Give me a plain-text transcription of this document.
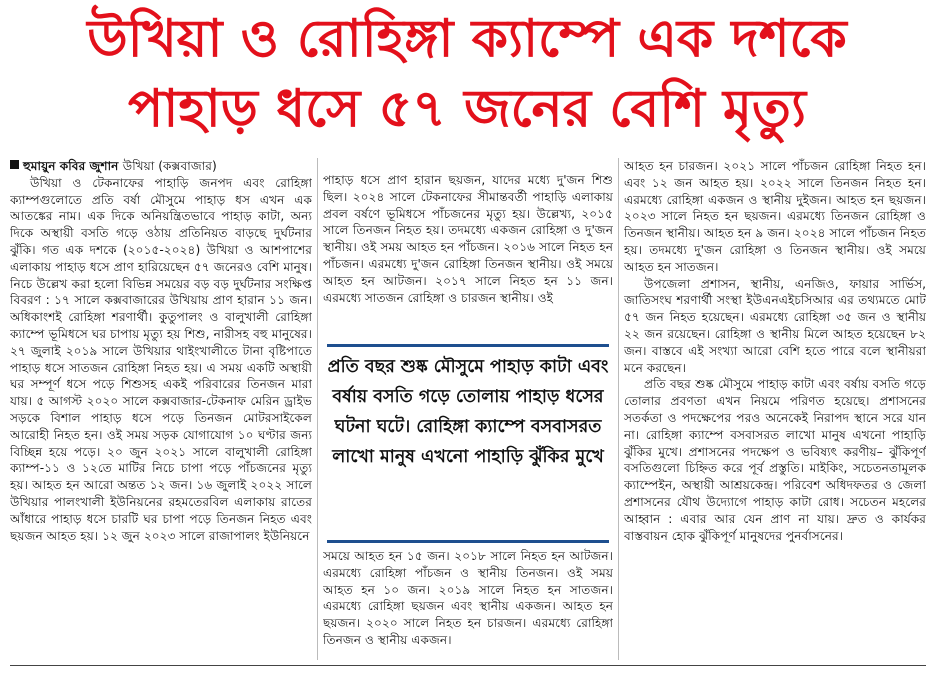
উখিয়া ও রোহিঙ্গা ক্যাম্পে এক দশকে
পাহাড় ধসে ৫৭ জনের বেশি মৃত্যু

হুমায়ুন কবির জুশান উখিয়া (কক্সবাজার)

উখিয়া ও টেকনাফের পাহাড়ি জনপদ এবং রোহিঙ্গা ক্যাম্পগুলোতে প্রতি বর্ষা মৌসুমে পাহাড় ধস এখন এক আতঙ্কের নাম। এক দিকে অনিয়ন্ত্রিতভাবে পাহাড় কাটা, অন্য দিকে অস্থায়ী বসতি গড়ে ওঠায় প্রতিনিয়ত বাড়ছে দুর্ঘটনার ঝুঁকি। গত এক দশকে (২০১৫-২০২৪) উখিয়া ও আশপাশের এলাকায় পাহাড় ধসে প্রাণ হারিয়েছেন ৫৭ জনেরও বেশি মানুষ। নিচে উল্লেখ করা হলো বিভিন্ন সময়ের বড় বড় দুর্ঘটনার সংক্ষিপ্ত বিবরণ : ১৭ সালে কক্সবাজারের উখিয়ায় প্রাণ হারান ১১ জন। অধিকাংশই রোহিঙ্গা শরণার্থী। কুতুপালং ও বালুখালী রোহিঙ্গা ক্যাম্পে ভূমিধসে ঘর চাপায় মৃত্যু হয় শিশু, নারীসহ বহু মানুষের। ২৭ জুলাই ২০১৯ সালে উখিয়ার থাইংখালীতে টানা বৃষ্টিপাতে পাহাড় ধসে সাতজন রোহিঙ্গা নিহত হয়। এ সময় একটি অস্থায়ী ঘর সম্পূর্ণ ধসে পড়ে শিশুসহ একই পরিবারের তিনজন মারা যায়। ৫ আগস্ট ২০২০ সালে কক্সবাজার-টেকনাফ মেরিন ড্রাইভ সড়কে বিশাল পাহাড় ধসে পড়ে তিনজন মোটরসাইকেল আরোহী নিহত হন। ওই সময় সড়ক যোগাযোগ ১০ ঘণ্টার জন্য বিচ্ছিন্ন হয়ে পড়ে। ২০ জুন ২০২১ সালে বালুখালী রোহিঙ্গা ক্যাম্প-১১ ও ১২তে মাটির নিচে চাপা পড়ে পাঁচজনের মৃত্যু হয়। আহত হন আরো অন্তত ১২ জন। ১৬ জুলাই ২০২২ সালে উখিয়ার পালংখালী ইউনিয়নের রহমতেরবিল এলাকায় রাতের আঁধারে পাহাড় ধসে চারটি ঘর চাপা পড়ে তিনজন নিহত এবং ছয়জন আহত হয়। ১২ জুন ২০২৩ সালে রাজাপালং ইউনিয়নে

পাহাড় ধসে প্রাণ হারান ছয়জন, যাদের মধ্যে দু'জন শিশু ছিল। ২০২৪ সালে টেকনাফের সীমান্তবর্তী পাহাড়ি এলাকায় প্রবল বর্ষণে ভূমিধসে পাঁচজনের মৃত্যু হয়। উল্লেখ্য, ২০১৫ সালে তিনজন নিহত হয়। তদমধ্যে একজন রোহিঙ্গা ও দু'জন স্থানীয়। ওই সময় আহত হন পাঁচজন। ২০১৬ সালে নিহত হন পাঁচজন। এরমধ্যে দু'জন রোহিঙ্গা তিনজন স্থানীয়। ওই সময়ে আহত হন আটজন। ২০১৭ সালে নিহত হন ১১ জন। এরমধ্যে সাতজন রোহিঙ্গা ও চারজন স্থানীয়। ওই

প্রতি বছর শুষ্ক মৌসুমে পাহাড় কাটা এবং বর্ষায় বসতি গড়ে তোলায় পাহাড় ধসের ঘটনা ঘটে। রোহিঙ্গা ক্যাম্পে বসবাসরত লাখো মানুষ এখনো পাহাড়ি ঝুঁকির মুখে

সময়ে আহত হন ১৫ জন। ২০১৮ সালে নিহত হন আটজন। এরমধ্যে রোহিঙ্গা পাঁচজন ও স্থানীয় তিনজন। ওই সময় আহত হন ১০ জন। ২০১৯ সালে নিহত হন সাতজন। এরমধ্যে রোহিঙ্গা ছয়জন এবং স্থানীয় একজন। আহত হন ছয়জন। ২০২০ সালে নিহত হন চারজন। এরমধ্যে রোহিঙ্গা তিনজন ও স্থানীয় একজন।

আহত হন চারজন। ২০২১ সালে পাঁচজন রোহিঙ্গা নিহত হন। এবং ১২ জন আহত হয়। ২০২২ সালে তিনজন নিহত হন। এরমধ্যে রোহিঙ্গা একজন ও স্থানীয় দুইজন। আহত হন ছয়জন। ২০২৩ সালে নিহত হন ছয়জন। এরমধ্যে তিনজন রোহিঙ্গা ও তিনজন স্থানীয়। আহত হন ৯ জন। ২০২৪ সালে পাঁচজন নিহত হয়। তদমধ্যে দু'জন রোহিঙ্গা ও তিনজন স্থানীয়। ওই সময়ে আহত হন সাতজন।

উপজেলা প্রশাসন, স্থানীয়, এনজিও, ফায়ার সার্ভিস, জাতিসংঘ শরণার্থী সংস্থা ইউএনএইচসিআর এর তথ্যমতে মোট ৫৭ জন নিহত হয়েছেন। এরমধ্যে রোহিঙ্গা ৩৫ জন ও স্থানীয় ২২ জন রয়েছেন। রোহিঙ্গা ও স্থানীয় মিলে আহত হয়েছেন ৮২ জন। বাস্তবে এই সংখ্যা আরো বেশি হতে পারে বলে স্থানীয়রা মনে করছেন।

প্রতি বছর শুষ্ক মৌসুমে পাহাড় কাটা এবং বর্ষায় বসতি গড়ে তোলার প্রবণতা এখন নিয়মে পরিণত হয়েছে। প্রশাসনের সতর্কতা ও পদক্ষেপের পরও অনেকেই নিরাপদ স্থানে সরে যান না। রোহিঙ্গা ক্যাম্পে বসবাসরত লাখো মানুষ এখনো পাহাড়ি ঝুঁকির মুখে। প্রশাসনের পদক্ষেপ ও ভবিষ্যৎ করণীয়– ঝুঁকিপূর্ণ বসতিগুলো চিহ্নিত করে পূর্ব প্রস্তুতি। মাইকিং, সচেতনতামূলক ক্যাম্পেইন, অস্থায়ী আশ্রয়কেন্দ্র। পরিবেশ অধিদফতর ও জেলা প্রশাসনের যৌথ উদ্যোগে পাহাড় কাটা রোধ। সচেতন মহলের আহ্বান : এবার আর যেন প্রাণ না যায়। দ্রুত ও কার্যকর বাস্তবায়ন হোক ঝুঁকিপূর্ণ মানুষদের পুনর্বাসনের।
